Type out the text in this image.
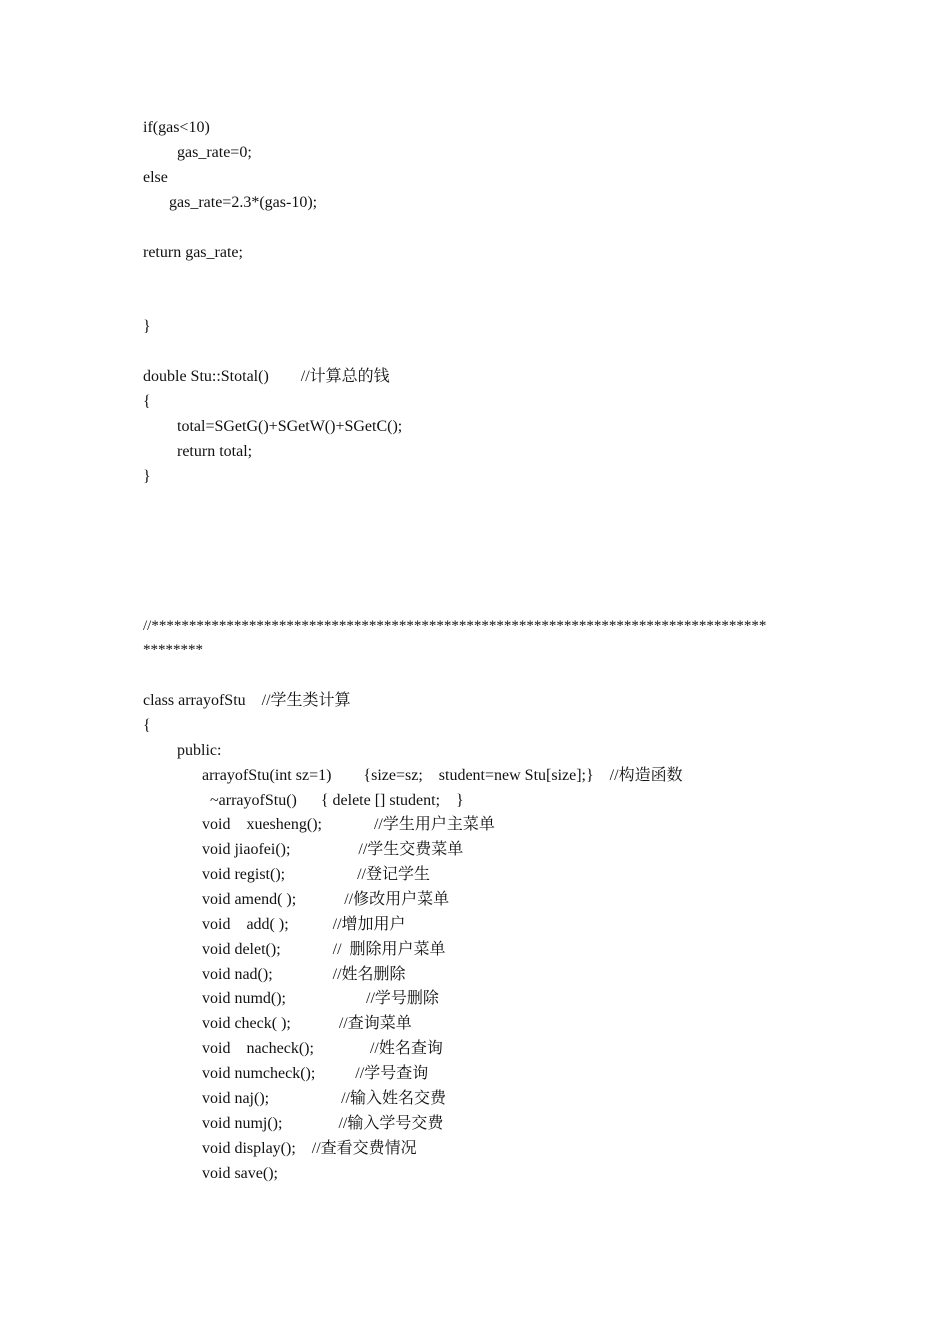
if(gas<10)
gas_rate=0;
else
gas_rate=2.3*(gas-10);
return gas_rate;
}
double Stu::Stotal()        //计算总的钱
{
total=SGetG()+SGetW()+SGetC();
return total;
}
//**********************************************************************************
********
class arrayofStu    //学生类计算
{
public:
arrayofStu(int sz=1)        {size=sz;    student=new Stu[size];}    //构造函数
~arrayofStu()      { delete [] student;    }
void    xuesheng();             //学生用户主菜单
void jiaofei();                 //学生交费菜单
void regist();                  //登记学生
void amend( );            //修改用户菜单
void    add( );           //增加用户
void delet();             //  删除用户菜单
void nad();               //姓名删除
void numd();                    //学号删除
void check( );            //查询菜单
void    nacheck();              //姓名查询
void numcheck();          //学号查询
void naj();                  //输入姓名交费
void numj();              //输入学号交费
void display();    //查看交费情况
void save();
